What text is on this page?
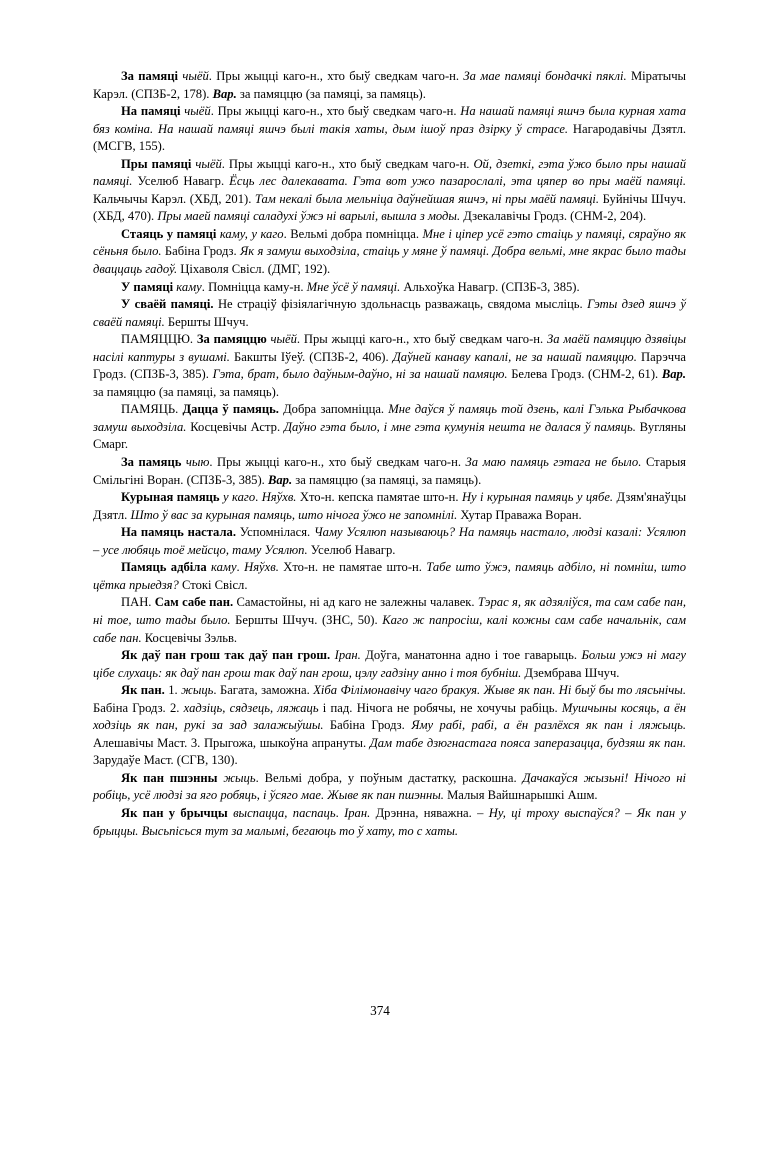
За памяці чыёй. Пры жыцці каго-н., хто быў сведкам чаго-н. За мае памяці бондачкі пяклі. Міратычы Карэл. (СПЗБ-2, 178). Вар. за памяццю (за памяці, за памяць).

На памяці чыёй. Пры жыцці каго-н., хто быў сведкам чаго-н. На нашай памяці яшчэ была курная хата бяз коміна. На нашай памяці яшчэ былі такія хаты, дым ішоў праз дзірку ў страсе. Нагародавічы Дзятл. (МСГВ, 155).

Пры памяці чыёй. Пры жыцці каго-н., хто быў сведкам чаго-н. Ой, дзеткі, гэта ўжо было пры нашай памяці. Уселюб Навагр. Ёсць лес далекавата. Гэта вот ужо пазарослалі, эта цяпер во пры маёй памяці. Кальчычы Карэл. (ХБД, 201). Там некалі была мельніца даўнейшая яшчэ, ні пры маёй памяці. Буйнічы Шчуч. (ХБД, 470). Пры маей памяці саладухі ўжэ ні варылі, вышла з моды. Дзекалавічы Гродз. (СНМ-2, 204).

Стаяць у памяці каму, у каго. Вельмі добра помніцца. Мне і ціпер усё гэто стаіць у памяці, сяраўно як сёньня было. Бабіна Гродз. Як я замуш выходзіла, стаіць у мяне ў памяці. Добра вельмі, мне якрас было тады дваццаць гадоў. Ціхаволя Свісл. (ДМГ, 192).

У памяці каму. Помніцца каму-н. Мне ўсё ў памяці. Альхоўка Навагр. (СПЗБ-3, 385).

У сваёй памяці. Не страціў фізіялагічную здольнасць разважаць, свядома мысліць. Гэты дзед яшчэ ў сваёй памяці. Бершты Шчуч.

ПАМЯЦЦЮ. За памяццю чыёй. Пры жыцці каго-н., хто быў сведкам чаго-н. За маёй памяццю дзявіцы насілі каптуры з вушамі. Бакшты Іўеў. (СПЗБ-2, 406). Даўней канаву капалі, не за нашай памяццю. Парэчча Гродз. (СПЗБ-3, 385). Гэта, брат, было даўным-даўно, ні за нашай памяцю. Белева Гродз. (СНМ-2, 61). Вар. за памяццю (за памяці, за памяць).

ПАМЯЦЬ. Дацца ў памяць. Добра запомніцца. Мне даўся ў памяць той дзень, калі Гэлька Рыбачкова замуш выходзіла. Косцевічы Астр. Даўно гэта было, і мне гэта кумунія нешта не далася ў памяць. Вугляны Смарг.

За памяць чыю. Пры жыцці каго-н., хто быў сведкам чаго-н. За маю памяць гэтага не было. Старыя Смільгіні Воран. (СПЗБ-3, 385). Вар. за памяццю (за памяці, за памяць).

Курыная памяць у каго. Няўхв. Хто-н. кепска памятае што-н. Ну і курыная памяць у цябе. Дзям'янаўцы Дзятл. Што ў вас за курыная памяць, што нічога ўжо не запомнілі. Хутар Праважа Воран.

На памяць настала. Успомнілася. Чаму Усялюп называюць? На памяць настало, людзі казалі: Усялюп – усе любяць тоё мейсцо, таму Усялюп. Уселюб Навагр.

Памяць адбіла каму. Няўхв. Хто-н. не памятае што-н. Табе што ўжэ, памяць адбіло, ні помніш, што цётка прыедзя? Стокі Свісл.

ПАН. Сам сабе пан. Самастойны, ні ад каго не залежны чалавек. Тэрас я, як адзяліўся, та сам сабе пан, ні тое, што тады было. Бершты Шчуч. (ЗНС, 50). Каго ж папросіш, калі кожны сам сабе начальнік, сам сабе пан. Косцевічы Зэльв.

Як даў пан грош так даў пан грош. Іран. Доўга, манатонна адно і тое гаварыць. Больш ужэ ні магу цібе слухаць: як даў пан грош так даў пан грош, цэлу гадзіну анно і тоя бубніш. Дзембрава Шчуч.

Як пан. 1. жыць. Багата, заможна. Хіба Філімонавічу чаго бракуя. Жыве як пан. Ні быў бы то лясьнічы. Бабіна Гродз. 2. хадзіць, сядзець, ляжаць і пад. Нічога не робячы, не хочучы рабіць. Мушчыны косяць, а ён ходзіць як пан, рукі за зад залажыўшы. Бабіна Гродз. Яму рабі, рабі, а ён разлёхся як пан і ляжыць. Алешавічы Маст. 3. Прыгожа, шыкоўна апрануты. Дам табе дзюгнастага пояса заперазацца, будзяш як пан. Зарудаўе Маст. (СГВ, 130).

Як пан пшэнны жыць. Вельмі добра, у поўным дастатку, раскошна. Дачакаўся жызьні! Нічого ні робіць, усё людзі за яго робяць, і ўсяго мае. Жыве як пан пшэнны. Малыя Вайшнарышкі Ашм.

Як пан у брычцы выспацца, паспаць. Іран. Дрэнна, няважна. – Ну, ці троху выспаўся? – Як пан у брыццы. Высьпісься тут за малымі, бегаюць то ў хату, то с хаты.

374
